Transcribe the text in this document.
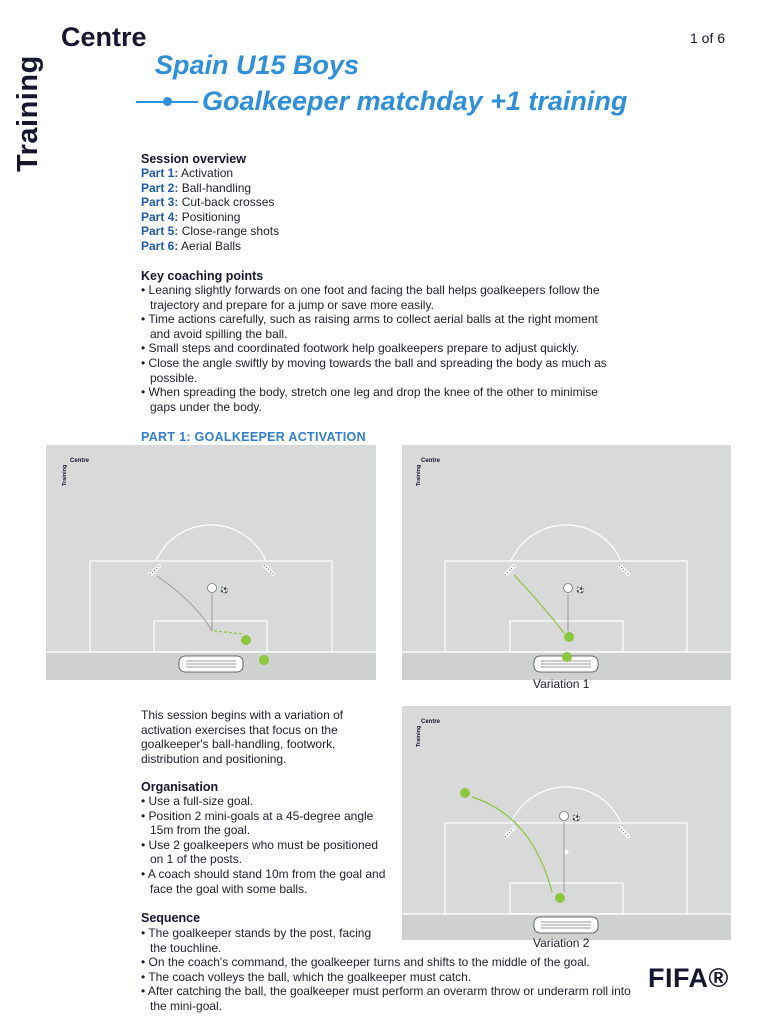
Training
Centre	1 of 6
Spain U15 Boys
Goalkeeper matchday +1 training
Session overview
Part 1: Activation
Part 2: Ball-handling
Part 3: Cut-back crosses
Part 4: Positioning
Part 5: Close-range shots
Part 6: Aerial Balls
Key coaching points
• Leaning slightly forwards on one foot and facing the ball helps goalkeepers follow the trajectory and prepare for a jump or save more easily.
• Time actions carefully, such as raising arms to collect aerial balls at the right moment and avoid spilling the ball.
• Small steps and coordinated footwork help goalkeepers prepare to adjust quickly.
• Close the angle swiftly by moving towards the ball and spreading the body as much as possible.
• When spreading the body, stretch one leg and drop the knee of the other to minimise gaps under the body.
PART 1: GOALKEEPER ACTIVATION
Training
Centre
⚽
Training
Centre
⚽
Variation 1
This session begins with a variation of activation exercises that focus on the goalkeeper's ball-handling, footwork, distribution and positioning.
Organisation
• Use a full-size goal.
• Position 2 mini-goals at a 45-degree angle 15m from the goal.
• Use 2 goalkeepers who must be positioned on 1 of the posts.
• A coach should stand 10m from the goal and face the goal with some balls.
Sequence
• The goalkeeper stands by the post, facing the touchline.
• On the coach's command, the goalkeeper turns and shifts to the middle of the goal.
• The coach volleys the ball, which the goalkeeper must catch.
• After catching the ball, the goalkeeper must perform an overarm throw or underarm roll into the mini-goal.
Training
Centre
⚽
Variation 2
FIFA®
